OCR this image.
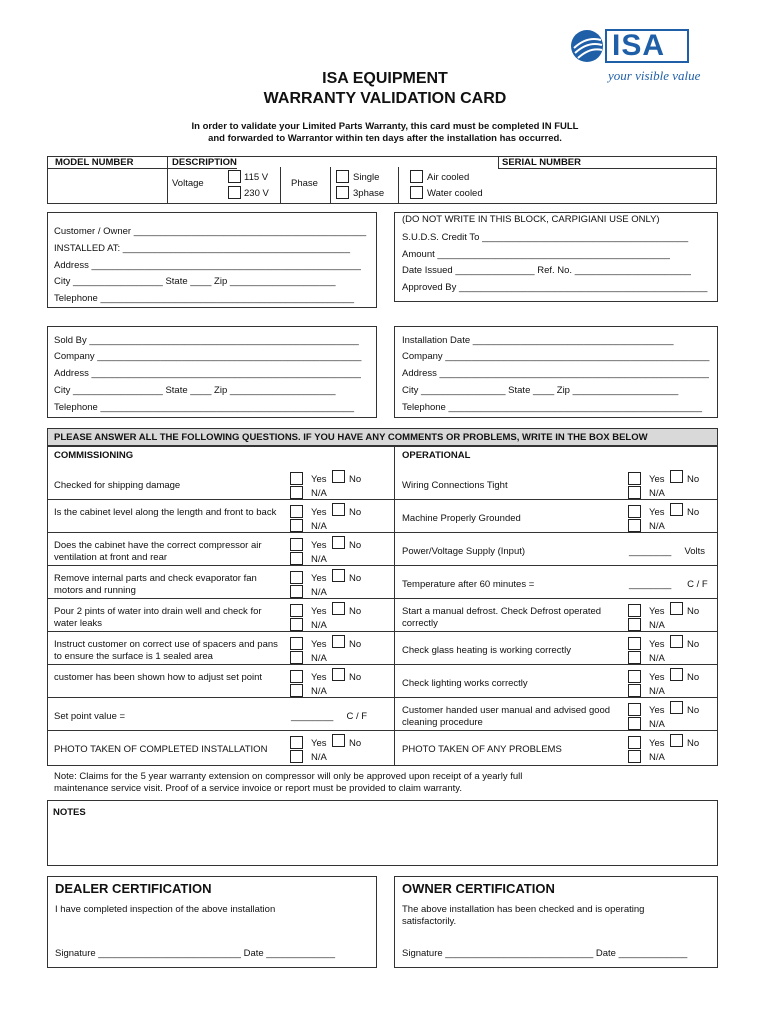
ISA
your visible value
ISA EQUIPMENT
WARRANTY VALIDATION CARD
In order to validate your Limited Parts Warranty, this card must be completed IN FULL
and forwarded to Warrantor within ten days after the installation has occurred.
MODEL NUMBER	DESCRIPTION	SERIAL NUMBER
Voltage
115 V
230 V
Phase
Single
3phase
Air cooled
Water cooled
Customer / Owner ____________________________________________
INSTALLED AT: ___________________________________________
Address ___________________________________________________
City _________________ State ____ Zip ____________________
Telephone ________________________________________________
(DO NOT WRITE IN THIS BLOCK, CARPIGIANI USE ONLY)
S.U.D.S. Credit To _______________________________________
Amount ____________________________________________
Date Issued _______________ Ref. No. ______________________
Approved By _______________________________________________
Sold By ___________________________________________________
Company __________________________________________________
Address ___________________________________________________
City _________________ State ____ Zip ____________________
Telephone ________________________________________________
Installation Date ______________________________________
Company __________________________________________________
Address ___________________________________________________
City ________________ State ____ Zip ____________________
Telephone ________________________________________________
PLEASE ANSWER ALL THE FOLLOWING QUESTIONS. IF YOU HAVE ANY COMMENTS OR PROBLEMS, WRITE IN THE BOX BELOW
COMMISSIONING	OPERATIONAL
Checked for shipping damage
Yes No
N/A
Is the cabinet level along the length and front to back	Yes No
N/A
Does the cabinet have the correct compressor air ventilation at front and rear
Yes No
N/A
Remove internal parts and check evaporator fan motors and running
Yes No
N/A
Pour 2 pints of water into drain well and check for water leaks
Yes No
N/A
Instruct customer on correct use of spacers and pans to ensure the surface is 1 sealed area
Yes No
N/A
customer has been shown how to adjust set point	Yes No
N/A
Set point value =	________     C / F
PHOTO TAKEN OF COMPLETED INSTALLATION
Yes No
N/A
Wiring Connections Tight
Yes No
N/A
Machine Properly Grounded
Yes No
N/A
Power/Voltage Supply (Input)	________     Volts
Temperature after 60 minutes =	________      C / F
Start a manual defrost. Check Defrost operated correctly
Yes No
N/A
Check glass heating is working correctly
Yes No
N/A
Check lighting works correctly
Yes No
N/A
Customer handed user manual and advised good cleaning procedure
Yes No
N/A
PHOTO TAKEN OF ANY PROBLEMS
Yes No
N/A
Note: Claims for the 5 year warranty extension on compressor will only be approved upon receipt of a yearly full
maintenance service visit. Proof of a service invoice or report must be provided to claim warranty.
NOTES
DEALER CERTIFICATION
I have completed inspection of the above installation
Signature ___________________________ Date _____________
OWNER CERTIFICATION
The above installation has been checked and is operating satisfactorily.
Signature ____________________________ Date _____________
